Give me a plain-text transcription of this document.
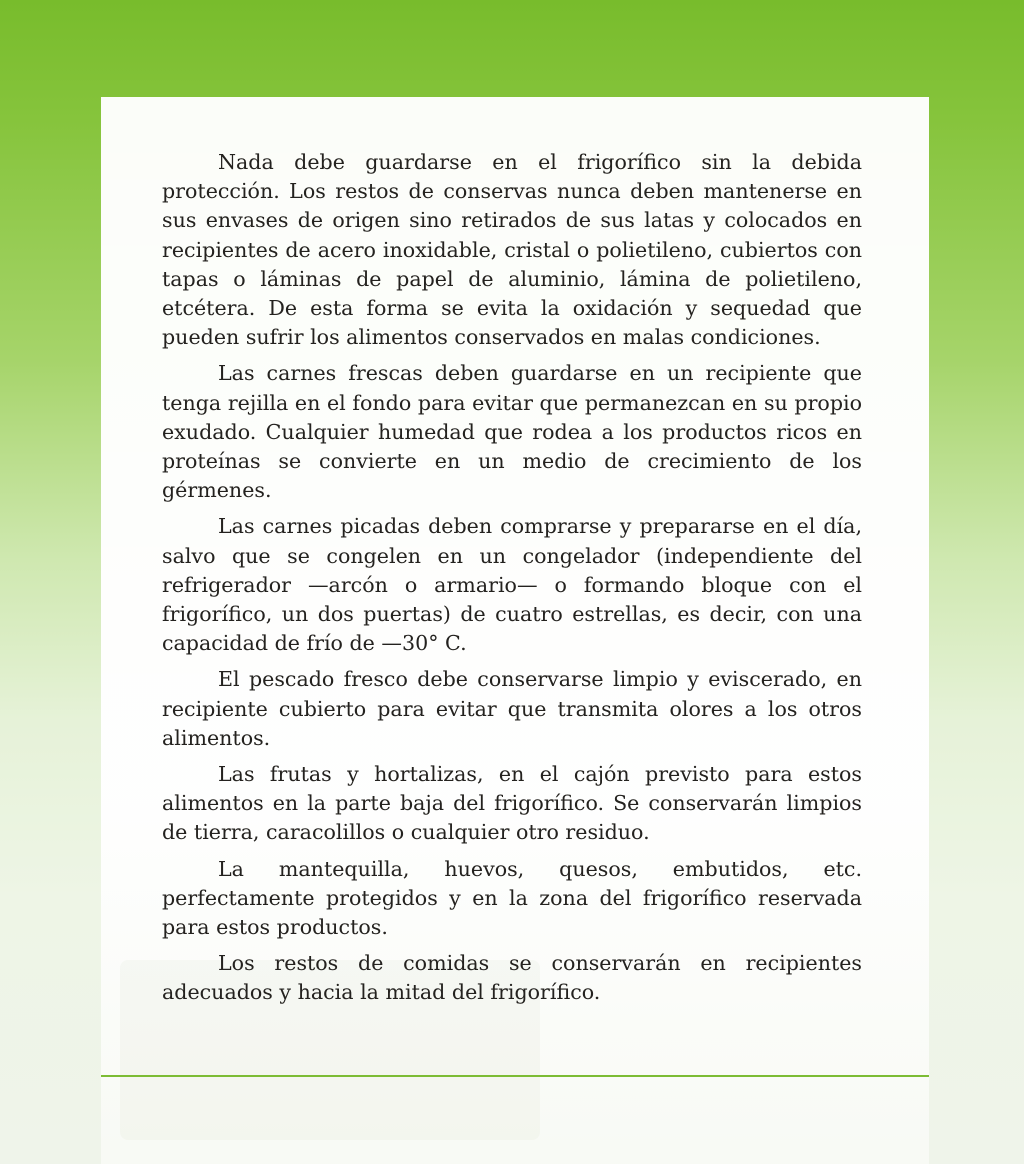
Nada debe guardarse en el frigorífico sin la debida protección. Los restos de conservas nunca deben mantenerse en sus envases de origen sino retirados de sus latas y colocados en recipientes de acero inoxidable, cristal o polietileno, cubiertos con tapas o láminas de papel de aluminio, lámina de polietileno, etcétera. De esta forma se evita la oxidación y sequedad que pueden sufrir los alimentos conservados en malas condiciones.

Las carnes frescas deben guardarse en un recipiente que tenga rejilla en el fondo para evitar que permanezcan en su propio exudado. Cualquier humedad que rodea a los productos ricos en proteínas se convierte en un medio de crecimiento de los gérmenes.

Las carnes picadas deben comprarse y prepararse en el día, salvo que se congelen en un congelador (independiente del refrigerador —arcón o armario— o formando bloque con el frigorífico, un dos puertas) de cuatro estrellas, es decir, con una capacidad de frío de —30° C.

El pescado fresco debe conservarse limpio y eviscerado, en recipiente cubierto para evitar que transmita olores a los otros alimentos.

Las frutas y hortalizas, en el cajón previsto para estos alimentos en la parte baja del frigorífico. Se conservarán limpios de tierra, caracolillos o cualquier otro residuo.

La mantequilla, huevos, quesos, embutidos, etc. perfectamente protegidos y en la zona del frigorífico reservada para estos productos.

Los restos de comidas se conservarán en recipientes adecuados y hacia la mitad del frigorífico.
